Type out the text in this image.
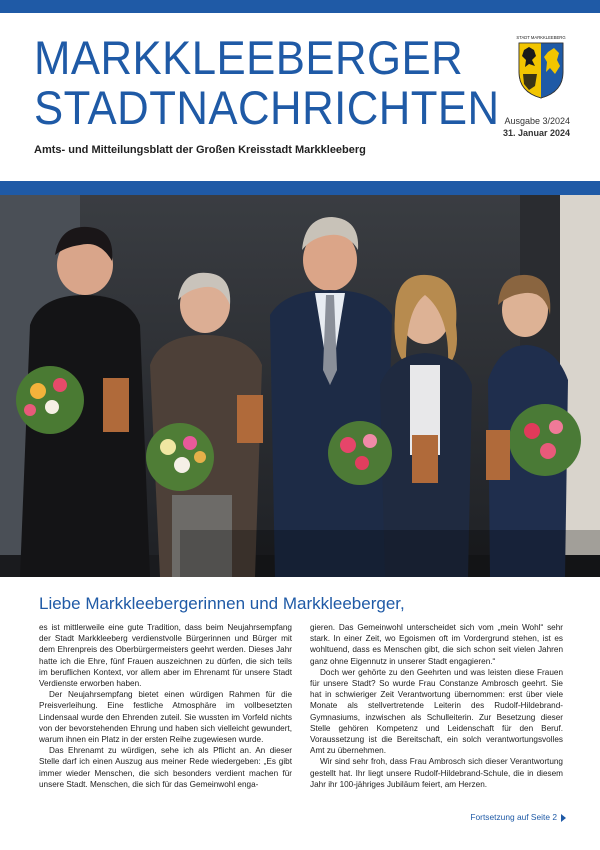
MARKKLEEBERGER
STADTNACHRICHTEN
STADT MARKKLEEBERG
Ausgabe 3/2024
31. Januar 2024
Amts- und Mitteilungsblatt der Großen Kreisstadt Markkleeberg
Liebe Markkleebergerinnen und Markkleeberger,

es ist mittlerweile eine gute Tradition, dass beim Neujahrsempfang der Stadt Markkleeberg verdienstvolle Bürgerinnen und Bürger mit dem Ehrenpreis des Oberbürgermeisters geehrt werden. Dieses Jahr hatte ich die Ehre, fünf Frauen auszeichnen zu dürfen, die sich teils im beruflichen Kontext, vor allem aber im Ehrenamt für unsere Stadt Verdienste erworben haben.

Der Neujahrsempfang bietet einen würdigen Rahmen für die Preisverleihung. Eine festliche Atmosphäre im vollbesetzten Lindensaal wurde den Ehrenden zuteil. Sie wussten im Vorfeld nichts von der bevorstehenden Ehrung und haben sich vielleicht gewundert, warum ihnen ein Platz in der ersten Reihe zugewiesen wurde.

Das Ehrenamt zu würdigen, sehe ich als Pflicht an. An dieser Stelle darf ich einen Auszug aus meiner Rede wiedergeben: „Es gibt immer wieder Menschen, die sich besonders verdient machen für unsere Stadt. Menschen, die sich für das Gemeinwohl enga-

gieren. Das Gemeinwohl unterscheidet sich vom „mein Wohl“ sehr stark. In einer Zeit, wo Egoismen oft im Vordergrund stehen, ist es wohltuend, dass es Menschen gibt, die sich schon seit vielen Jahren ganz ohne Eigennutz in unserer Stadt engagieren.“

Doch wer gehörte zu den Geehrten und was leisten diese Frauen für unsere Stadt? So wurde Frau Constanze Ambrosch geehrt. Sie hat in schwieriger Zeit Verantwortung übernommen: erst über viele Monate als stellvertretende Leiterin des Rudolf-Hildebrand-Gymnasiums, inzwischen als Schulleiterin. Zur Besetzung dieser Stelle gehören Kompetenz und Leidenschaft für den Beruf. Voraussetzung ist die Bereitschaft, ein solch verantwortungsvolles Amt zu übernehmen.

Wir sind sehr froh, dass Frau Ambrosch sich dieser Verantwortung gestellt hat. Ihr liegt unsere Rudolf-Hildebrand-Schule, die in diesem Jahr ihr 100-jähriges Jubiläum feiert, am Herzen.

Fortsetzung auf Seite 2
